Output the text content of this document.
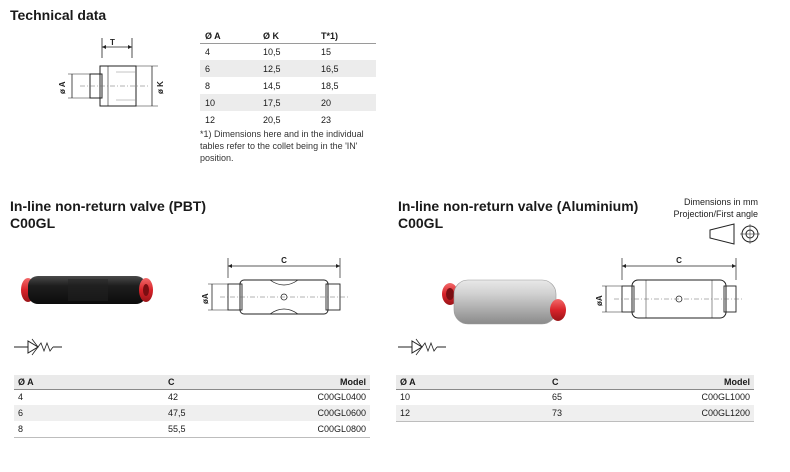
Technical data
T
ø A	ø K
Ø A	Ø K	T*1)
4	10,5	15
6	12,5	16,5
8	14,5	18,5
10	17,5	20
12	20,5	23
*1) Dimensions here and in the individual tables refer to the collet being in the 'IN' position.
In-line non-return valve (PBT)
C00GL
C
øA
Ø A	C	Model
4	42	C00GL0400
6	47,5	C00GL0600
8	55,5	C00GL0800
In-line non-return valve (Aluminium)
C00GL
Dimensions in mm
Projection/First angle
C
øA
Ø A	C	Model
10	65	C00GL1000
12	73	C00GL1200
